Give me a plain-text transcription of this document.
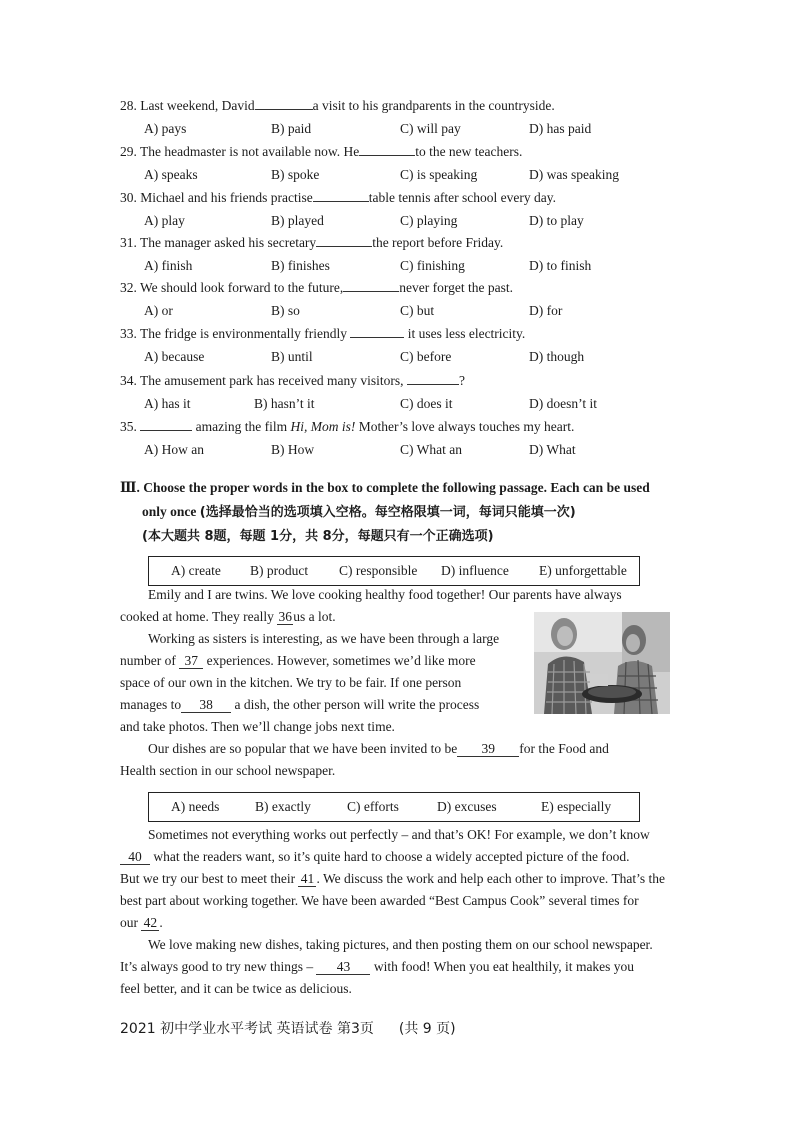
28. Last weekend, David	a visit to his grandparents in the countryside.
A) pays	B) paid	C) will pay	D) has paid
29. The headmaster is not available now. He	to the new teachers.
A) speaks	B) spoke	C) is speaking	D) was speaking
30. Michael and his friends practise	table tennis after school every day.
A) play	B) played	C) playing	D) to play
31. The manager asked his secretary	the report before Friday.
A) finish	B) finishes	C) finishing	D) to finish
32. We should look forward to the future,	never forget the past.
A) or	B) so	C) but	D) for
33. The fridge is environmentally friendly	it uses less electricity.
A) because	B) until	C) before	D) though
34. The amusement park has received many visitors,	?
A) has it	B) hasn’t it	C) does it	D) doesn’t it
35.	amazing the film Hi, Mom is! Mother’s love always touches my heart.
A) How an	B) How	C) What an	D) What
Ⅲ. Choose the proper words in the box to complete the following passage. Each can be used
only once (选择最恰当的选项填入空格。每空格限填一词，每词只能填一次)
(本大题共 8题，每题 1分，共 8分，每题只有一个正确选项)
A) create B) product C) responsible D) influence E) unforgettable
Emily and I are twins. We love cooking healthy food together! Our parents have always
cooked at home. They really 36us a lot.
Working as sisters is interesting, as we have been through a large
number of 37 experiences. However, sometimes we’d like more
space of our own in the kitchen. We try to be fair. If one person
manages to 38 a dish, the other person will write the process
and take photos. Then we’ll change jobs next time.
Our dishes are so popular that we have been invited to be 39 for the Food and
Health section in our school newspaper.
A) needs	B) exactly	C) efforts	D) excuses	E) especially
Sometimes not everything works out perfectly – and that’s OK! For example, we don’t know
40 what the readers want, so it’s quite hard to choose a widely accepted picture of the food.
But we try our best to meet their 41 . We discuss the work and help each other to improve. That’s the
best part about working together. We have been awarded “Best Campus Cook” several times for
our 42 .
We love making new dishes, taking pictures, and then posting them on our school newspaper.
It’s always good to try new things – 43 with food! When you eat healthily, it makes you
feel better, and it can be twice as delicious.
2021 初中学业水平考试 英语试卷 第3页 (共 9 页)
